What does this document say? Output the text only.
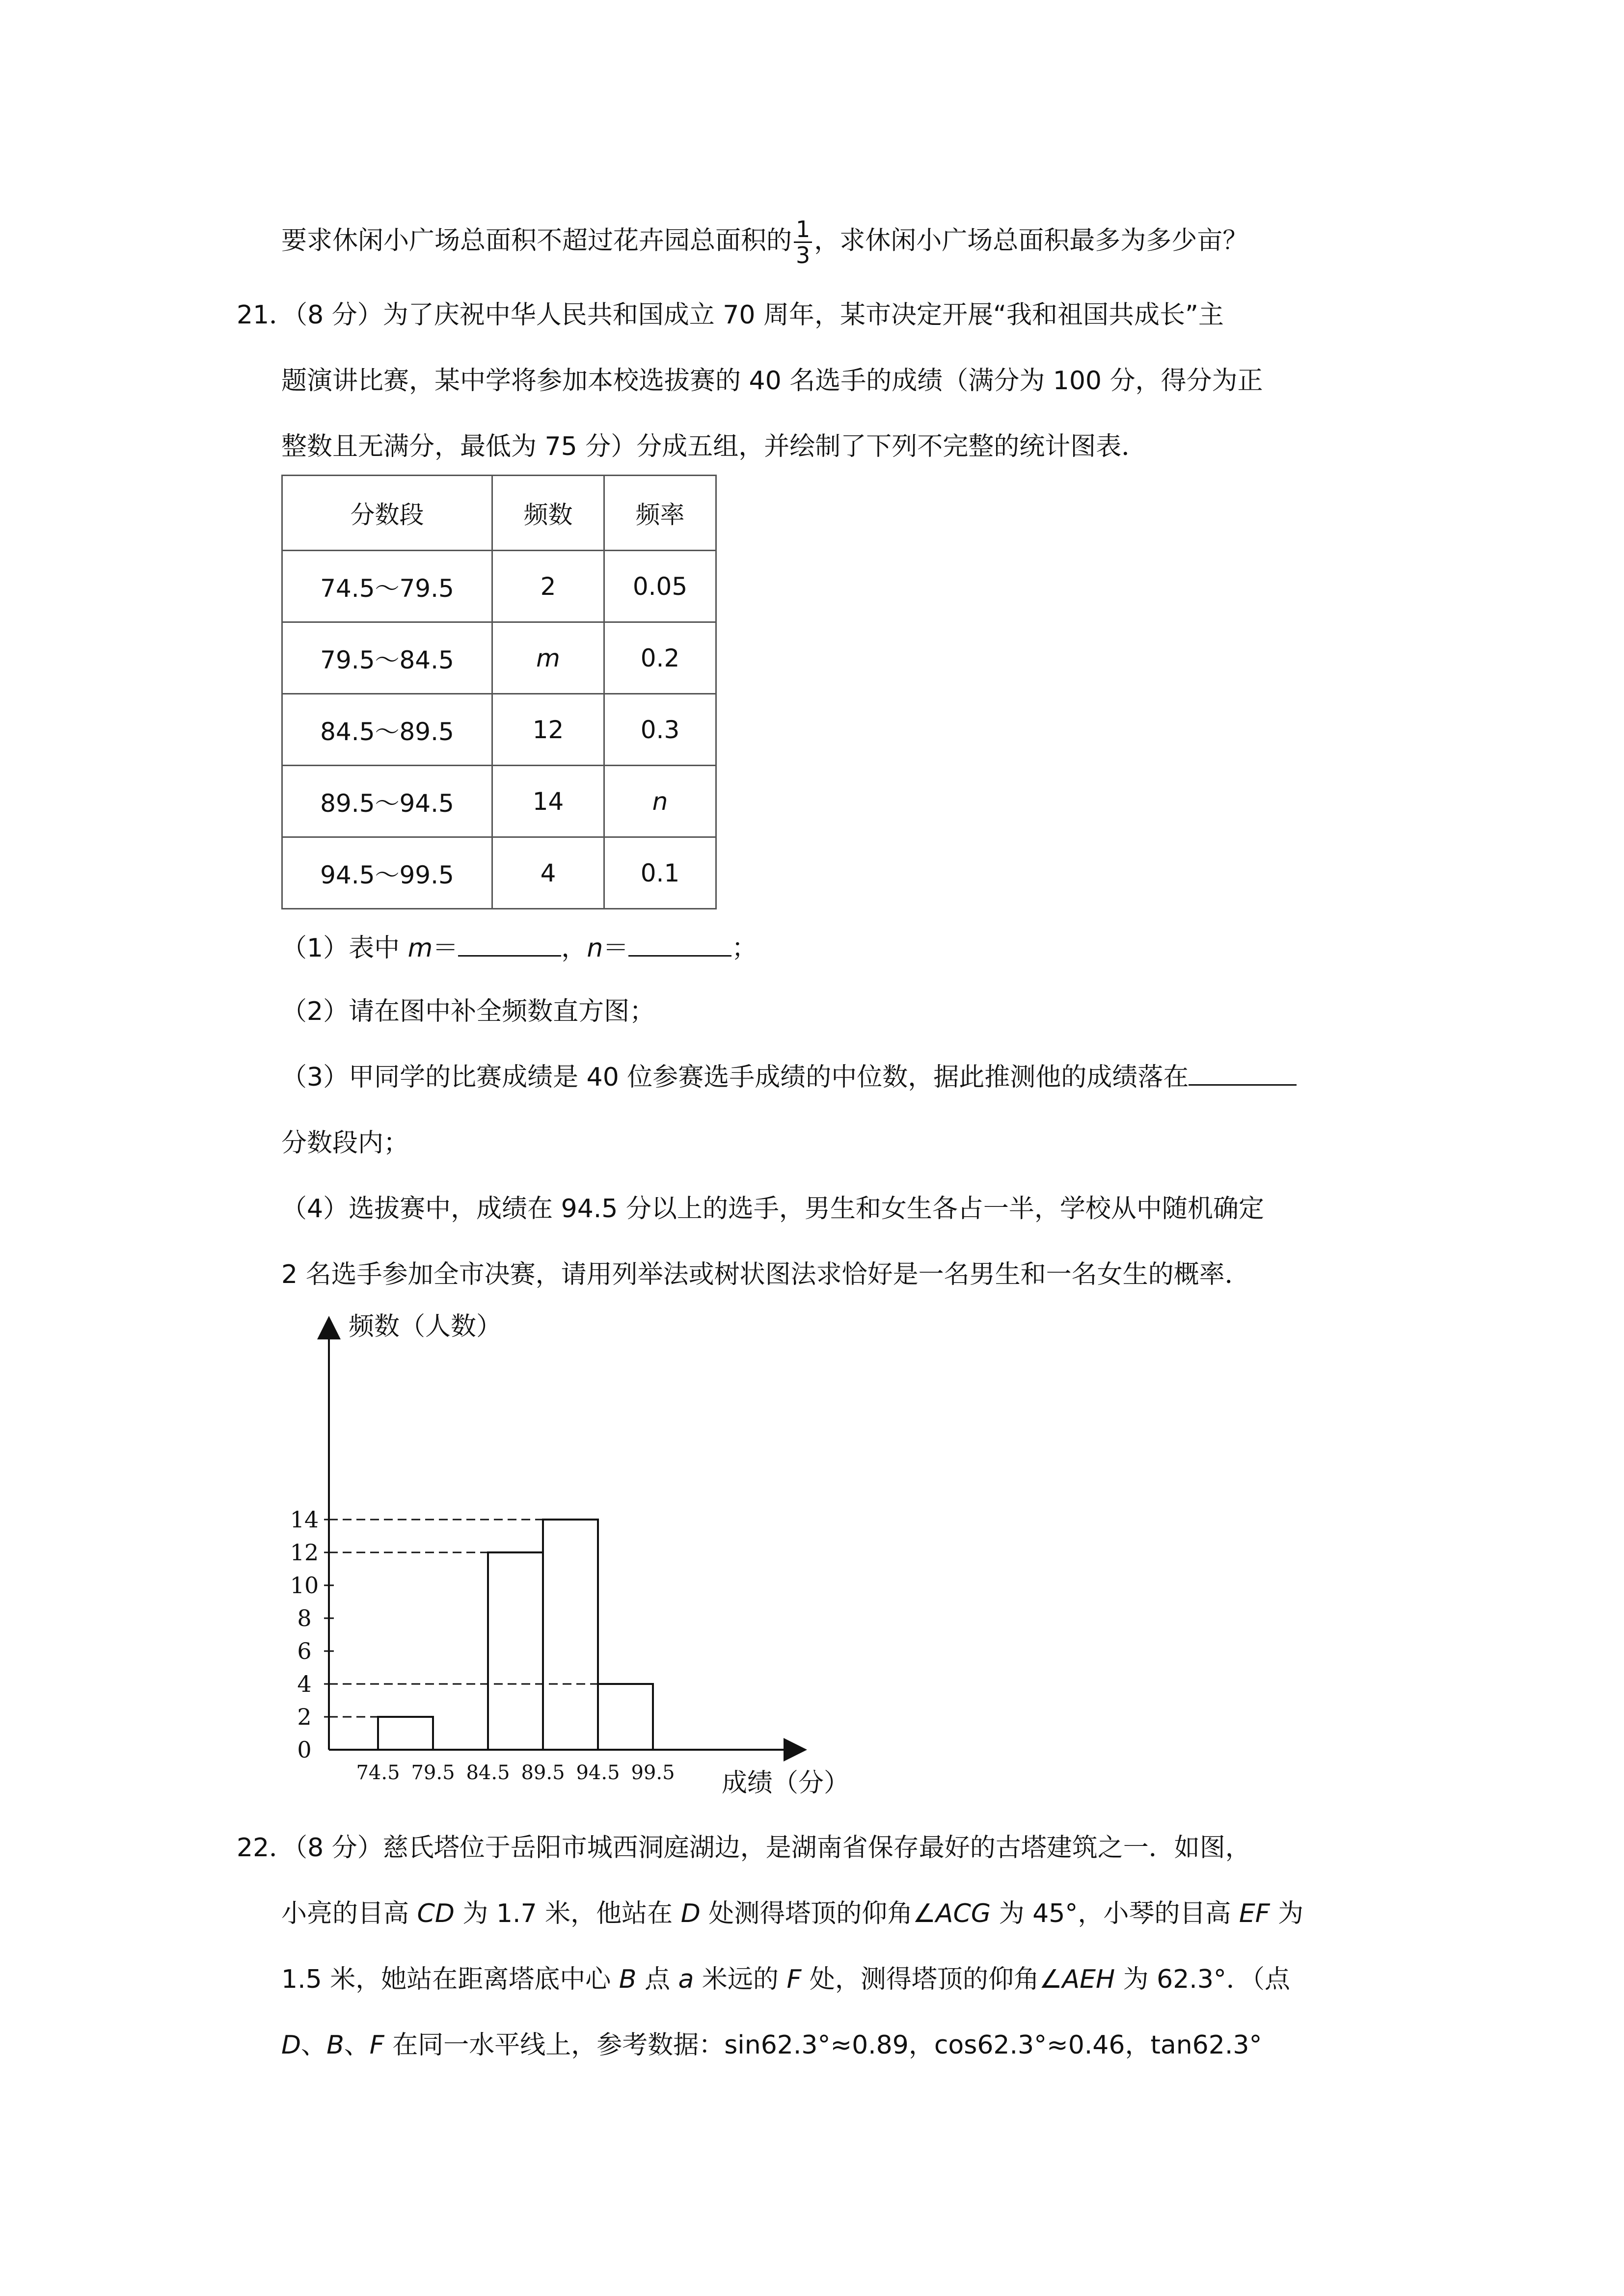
要求休闲小广场总面积不超过花卉园总面积的 $\frac{1}{3}$ ，求休闲小广场总面积最多为多少亩？
21．（8 分）为了庆祝中华人民共和国成立 70 周年，某市决定开展“我和祖国共成长”主
题演讲比赛，某中学将参加本校选拔赛的 40 名选手的成绩（满分为 100 分，得分为正
整数且无满分，最低为 75 分）分成五组，并绘制了下列不完整的统计图表．
分数段	频数	频率
74.5～79.5	2	0.05
79.5～84.5	m	0.2
84.5～89.5	12	0.3
89.5～94.5	14	n
94.5～99.5	4	0.1
（1）表中 m＝	，n＝	；
（2）请在图中补全频数直方图；
（3）甲同学的比赛成绩是 40 位参赛选手成绩的中位数，据此推测他的成绩落在
分数段内；
（4）选拔赛中，成绩在 94.5 分以上的选手，男生和女生各占一半，学校从中随机确定
2 名选手参加全市决赛，请用列举法或树状图法求恰好是一名男生和一名女生的概率．
0
2
4
6
8
10
12
14
74.5 79.5 84.5 89.5 94.5 99.5
频数（人数）
成绩（分）
22．（8 分）慈氏塔位于岳阳市城西洞庭湖边，是湖南省保存最好的古塔建筑之一．如图，
小亮的目高 CD 为 1.7 米，他站在 D 处测得塔顶的仰角∠ACG 为 45°，小琴的目高 EF 为
1.5 米，她站在距离塔底中心 B 点 a 米远的 F 处，测得塔顶的仰角∠AEH 为 62.3°．（点
D、B、F 在同一水平线上，参考数据：sin62.3°≈0.89，cos62.3°≈0.46，tan62.3°
